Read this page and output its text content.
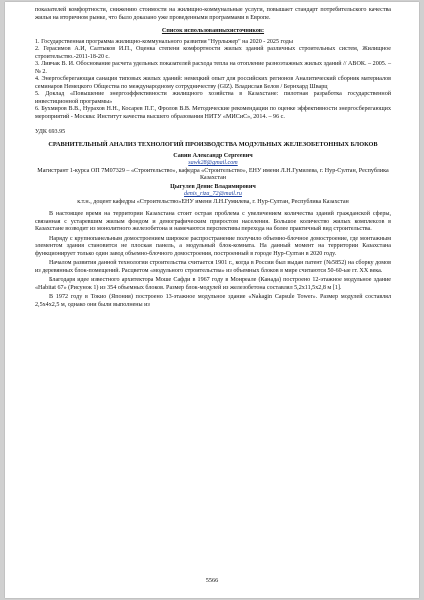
показателей комфортности, снижению стоимости на жилищно-коммунальные услуги, повышает стандарт потребительского качества жилья на вторичном рынке, что было доказано уже проведенными программами в Европе.

Список использованныхисточников:

1. Государственная программа жилищно-коммунального развития "Нурлыжер" на 2020 - 2025 годы

2. Герасимов А.И, Салтыков И.П., Оценка степени комфортности жилых зданий различных строительных систем, Жилищное строительство.-2011-18-20 с.

3. Ливчак В. И. Обоснование расчета удельных показателей расхода тепла на отопление разноэтажных жилых зданий // АВОК. – 2005. – № 2.

4. Энергосберегающая санация типовых жилых зданий: немецкий опыт для российских регионов Аналитический сборник материалов семинаров Немецкого Общества по международному сотрудничеству (GIZ). Владислав Белов / Бернхард Шварц

5. Доклад «Повышение энергоэффективности жилищного хозяйства в Казахстане: пилотная разработка государственной инвестиционной программы»

6. Бухмиров В.В., Нурахов Н.Н., Косарев П.Г., Фролов В.В. Методические рекомендации по оценке эффективности энергосберегающих мероприятий - Москва: Институт качества высшего образования НИТУ «МИСиС», 2014. – 96 с.

УДК 693.95

СРАВНИТЕЛЬНЫЙ АНАЛИЗ ТЕХНОЛОГИЙ ПРОИЗВОДСТВА МОДУЛЬНЫХ ЖЕЛЕЗОБЕТОННЫХ БЛОКОВ

Савин Александр Сергеевич
sawk28@gmail.com
Магистрант 1-курса ОП 7М07329 – «Строительство», кафедра «Строительство», ЕНУ имени Л.Н.Гумилева, г. Нур-Султан, Республика Казахстан
Цыгулев Денис Владимирович
denis_riza_72@mail.ru
к.т.н., доцент кафедры «Строительство»ЕНУ имени Л.Н.Гумилева, г. Нур-Султан, Республика Казахстан

В настоящее время на территории Казахстана стоит острая проблема с увеличением количества зданий гражданской сферы, связанная с устаревшим жилым фондом и демографическим приростом населения. Большое количество жилых комплексов в Казахстане возводит из монолитного железобетона и намечаются перспективы перехода на более практичный вид строительства.

Наряду с крупнопанельным домостроением широкое распространение получило объемно-блочное домостроение, где монтажным элементом здания становится не плоская панель, а модульный блок-комната. На данный момент на территории Казахстана функционирует только один завод объемно-блочного домостроения, построенный в городе Нур-Султан в 2020 году.

Началом развития данной технологии строительства считается 1901 г., когда в России был выдан патент (№5852) на сборку домов из деревянных блок-помещений. Расцветом «модульного строительства» из объемных блоков в мире считаются 50-60-ые гг. XX века.

Благодаря идее известного архитектора Моше Сафди в 1967 году в Монреале (Канада) построено 12-этажное модульное здание «Habitat 67» (Рисунок 1) из 354 объемных блоков. Размер блок-модулей из железобетона составлял 5,2х11,5х2,8 м [1].

В 1972 году в Токио (Япония) построено 13-этажное модульное здание «Nakagin Capsule Tower». Размер модулей составлял 2,5х4х2,5 м, однако они были выполнены из

5566
